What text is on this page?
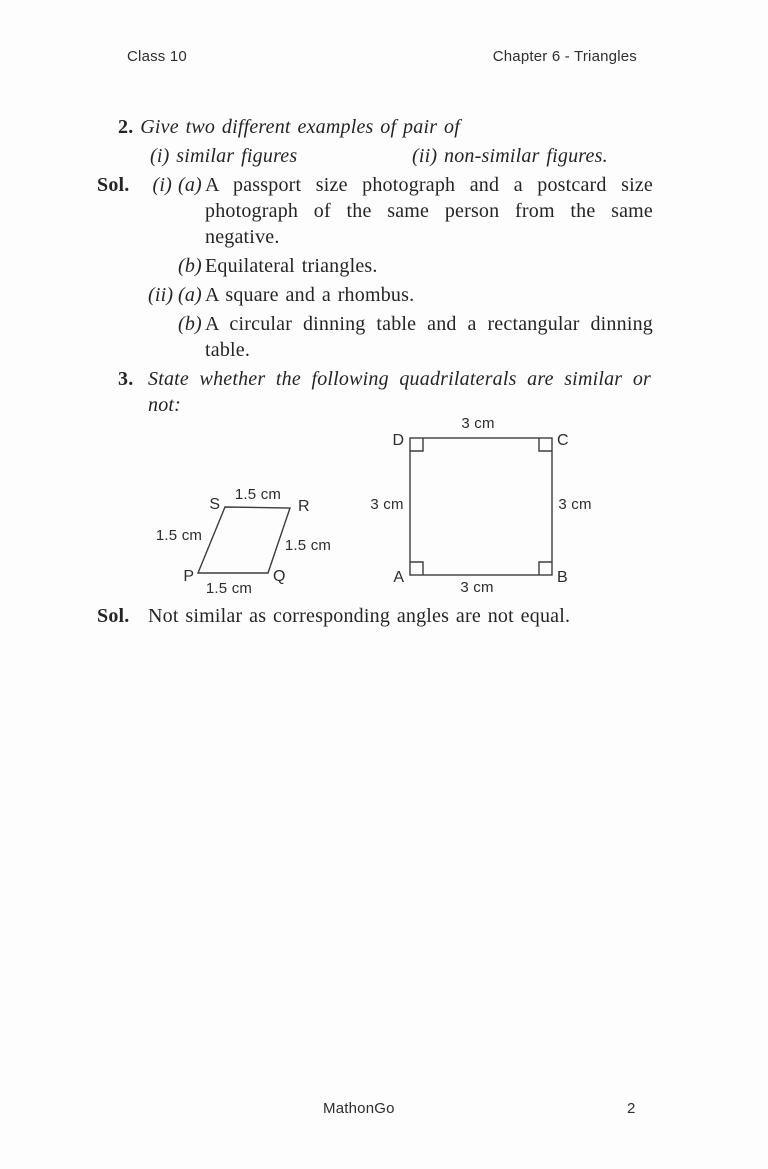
Class 10	Chapter 6 - Triangles
2. Give two different examples of pair of
(i) similar figures	(ii) non-similar figures.
Sol.	(i) (a) A passport size photograph and a postcard size
photograph of the same person from the same
negative.
(b) Equilateral triangles.
(ii) (a) A square and a rhombus.
(b) A circular dinning table and a rectangular dinning
table.
3. State whether the following quadrilaterals are similar or
not:
S	R
P	Q
1.5 cm
1.5 cm
1.5 cm
1.5 cm
D	C
A	B
3 cm
3 cm	3 cm
3 cm
Sol. Not similar as corresponding angles are not equal.
MathonGo	2
